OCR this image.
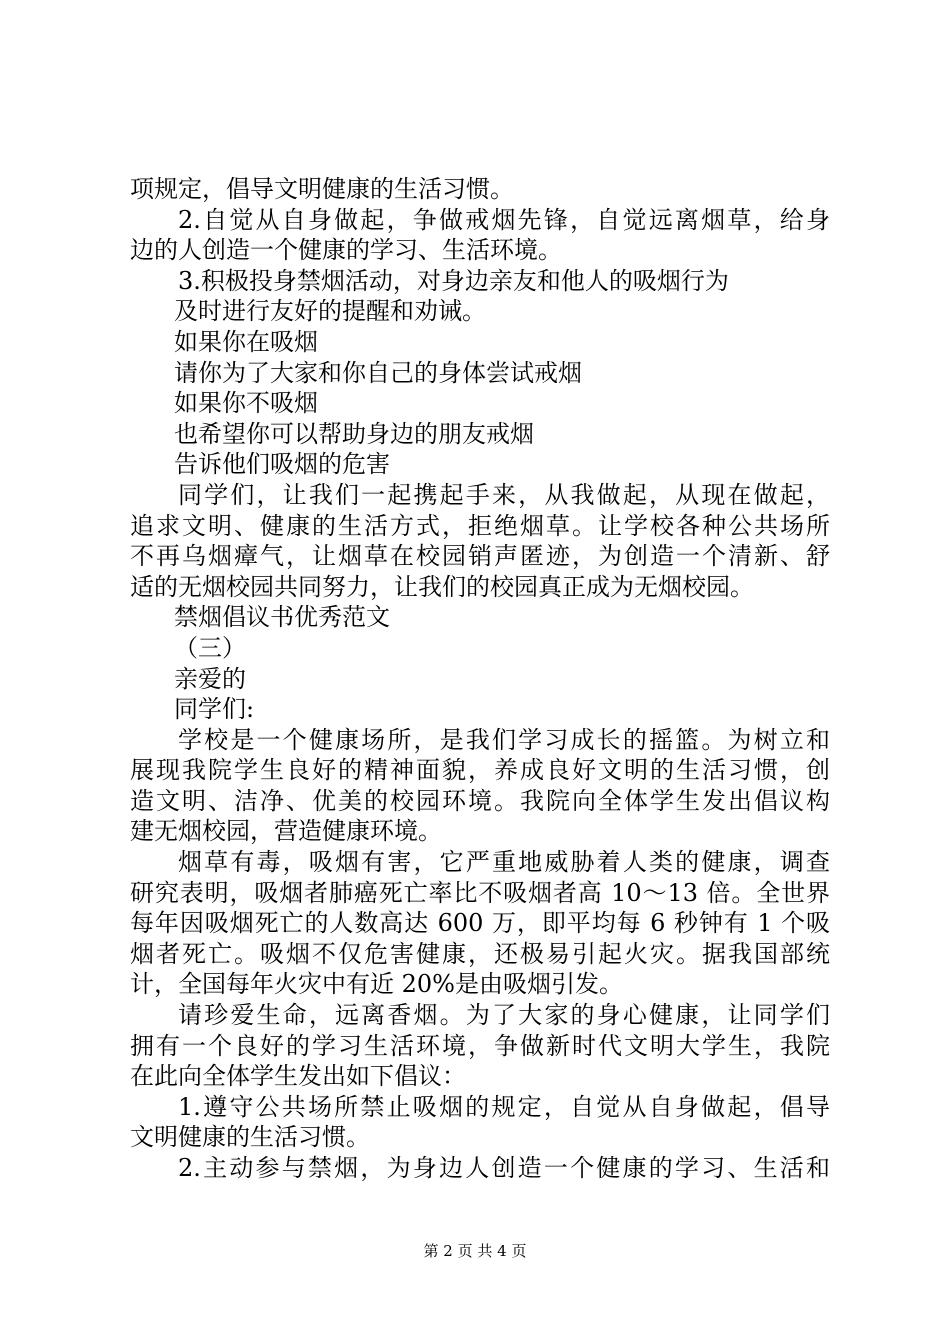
项规定，倡导文明健康的生活习惯。
2.自觉从自身做起，争做戒烟先锋，自觉远离烟草，给身
边的人创造一个健康的学习、生活环境。
3.积极投身禁烟活动，对身边亲友和他人的吸烟行为
及时进行友好的提醒和劝诫。
如果你在吸烟
请你为了大家和你自己的身体尝试戒烟
如果你不吸烟
也希望你可以帮助身边的朋友戒烟
告诉他们吸烟的危害
同学们，让我们一起携起手来，从我做起，从现在做起，
追求文明、健康的生活方式，拒绝烟草。让学校各种公共场所
不再乌烟瘴气，让烟草在校园销声匿迹，为创造一个清新、舒
适的无烟校园共同努力，让我们的校园真正成为无烟校园。
禁烟倡议书优秀范文
（三）
亲爱的
同学们:
学校是一个健康场所，是我们学习成长的摇篮。为树立和
展现我院学生良好的精神面貌，养成良好文明的生活习惯，创
造文明、洁净、优美的校园环境。我院向全体学生发出倡议构
建无烟校园，营造健康环境。
烟草有毒，吸烟有害，它严重地威胁着人类的健康，调查
研究表明，吸烟者肺癌死亡率比不吸烟者高 10～13 倍。全世界
每年因吸烟死亡的人数高达 600 万，即平均每 6 秒钟有 1 个吸
烟者死亡。吸烟不仅危害健康，还极易引起火灾。据我国部统
计，全国每年火灾中有近 20%是由吸烟引发。
请珍爱生命，远离香烟。为了大家的身心健康，让同学们
拥有一个良好的学习生活环境，争做新时代文明大学生，我院
在此向全体学生发出如下倡议：
1.遵守公共场所禁止吸烟的规定，自觉从自身做起，倡导
文明健康的生活习惯。
2.主动参与禁烟，为身边人创造一个健康的学习、生活和
第 2 页 共 4 页
